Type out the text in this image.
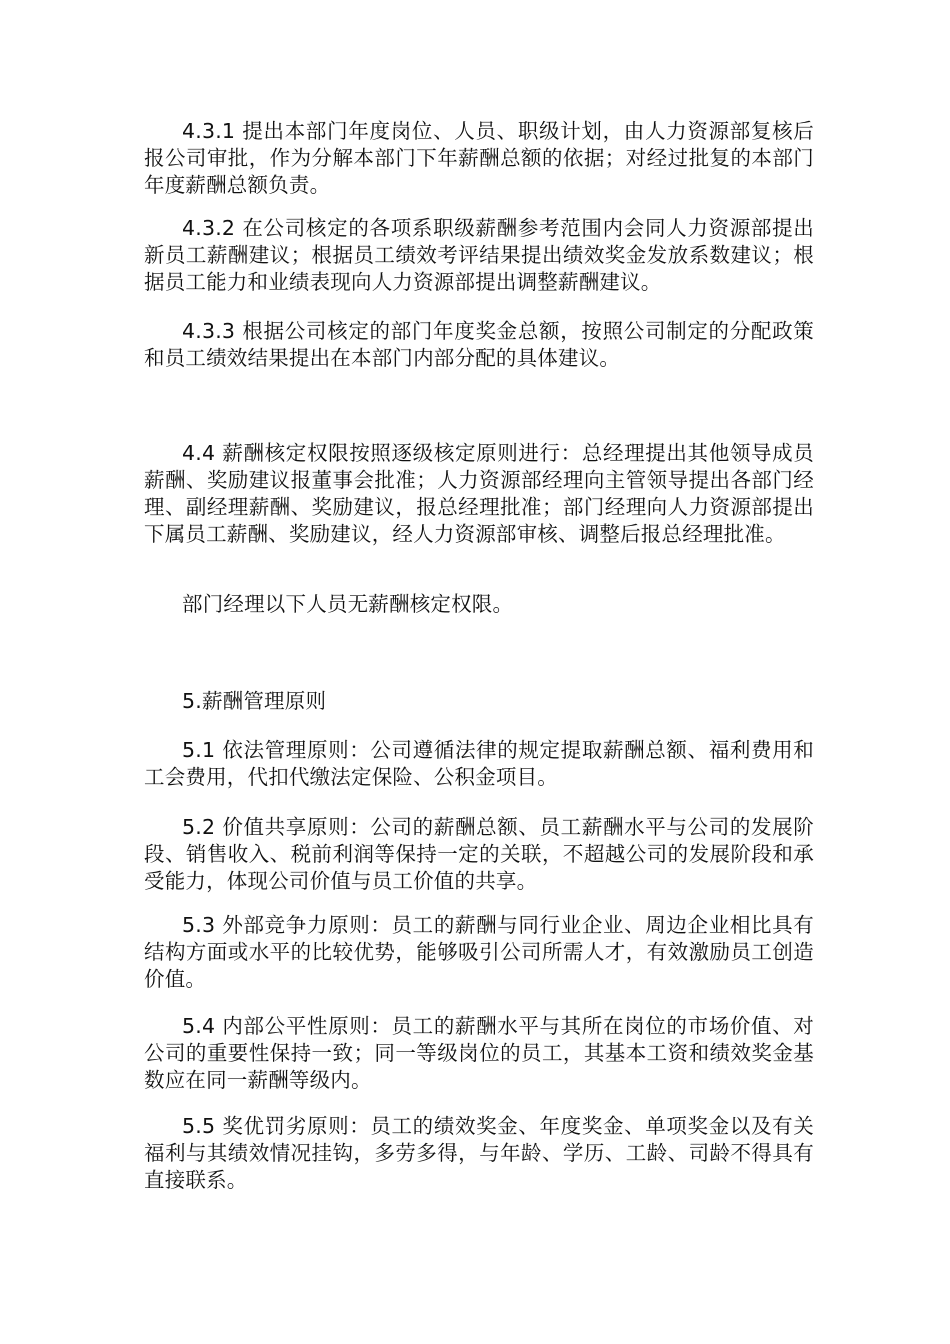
4.3.1 提出本部门年度岗位、人员、职级计划，由人力资源部复核后报公司审批，作为分解本部门下年薪酬总额的依据；对经过批复的本部门年度薪酬总额负责。

4.3.2 在公司核定的各项系职级薪酬参考范围内会同人力资源部提出新员工薪酬建议；根据员工绩效考评结果提出绩效奖金发放系数建议；根据员工能力和业绩表现向人力资源部提出调整薪酬建议。

4.3.3 根据公司核定的部门年度奖金总额，按照公司制定的分配政策和员工绩效结果提出在本部门内部分配的具体建议。

4.4 薪酬核定权限按照逐级核定原则进行：总经理提出其他领导成员薪酬、奖励建议报董事会批准；人力资源部经理向主管领导提出各部门经理、副经理薪酬、奖励建议，报总经理批准；部门经理向人力资源部提出下属员工薪酬、奖励建议，经人力资源部审核、调整后报总经理批准。

部门经理以下人员无薪酬核定权限。

5.薪酬管理原则

5.1 依法管理原则：公司遵循法律的规定提取薪酬总额、福利费用和工会费用，代扣代缴法定保险、公积金项目。

5.2 价值共享原则：公司的薪酬总额、员工薪酬水平与公司的发展阶段、销售收入、税前利润等保持一定的关联，不超越公司的发展阶段和承受能力，体现公司价值与员工价值的共享。

5.3 外部竞争力原则：员工的薪酬与同行业企业、周边企业相比具有结构方面或水平的比较优势，能够吸引公司所需人才，有效激励员工创造价值。

5.4 内部公平性原则：员工的薪酬水平与其所在岗位的市场价值、对公司的重要性保持一致；同一等级岗位的员工，其基本工资和绩效奖金基数应在同一薪酬等级内。

5.5 奖优罚劣原则：员工的绩效奖金、年度奖金、单项奖金以及有关福利与其绩效情况挂钩，多劳多得，与年龄、学历、工龄、司龄不得具有直接联系。
